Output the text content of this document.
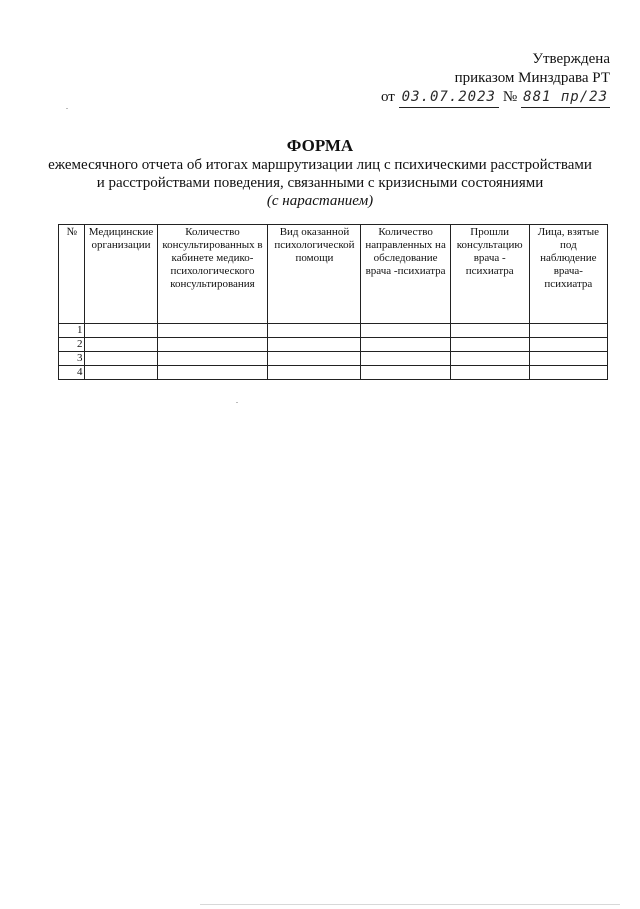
Утверждена
приказом Минздрава РТ
от 03.07.2023 № 881 пр/23

ФОРМА

ежемесячного отчета об итогах маршрутизации лиц с психическими расстройствами

и расстройствами поведения, связанными с кризисными состояниями

(с нарастанием)
№	Медицинские организации	Количество консультированных в кабинете медико-психологического консультирования	Вид оказанной психологической помощи	Количество направленных на обследование врача -психиатра	Прошли консультацию врача - психиатра	Лица, взятые под наблюдение врача-психиатра
1						
2						
3						
4						
